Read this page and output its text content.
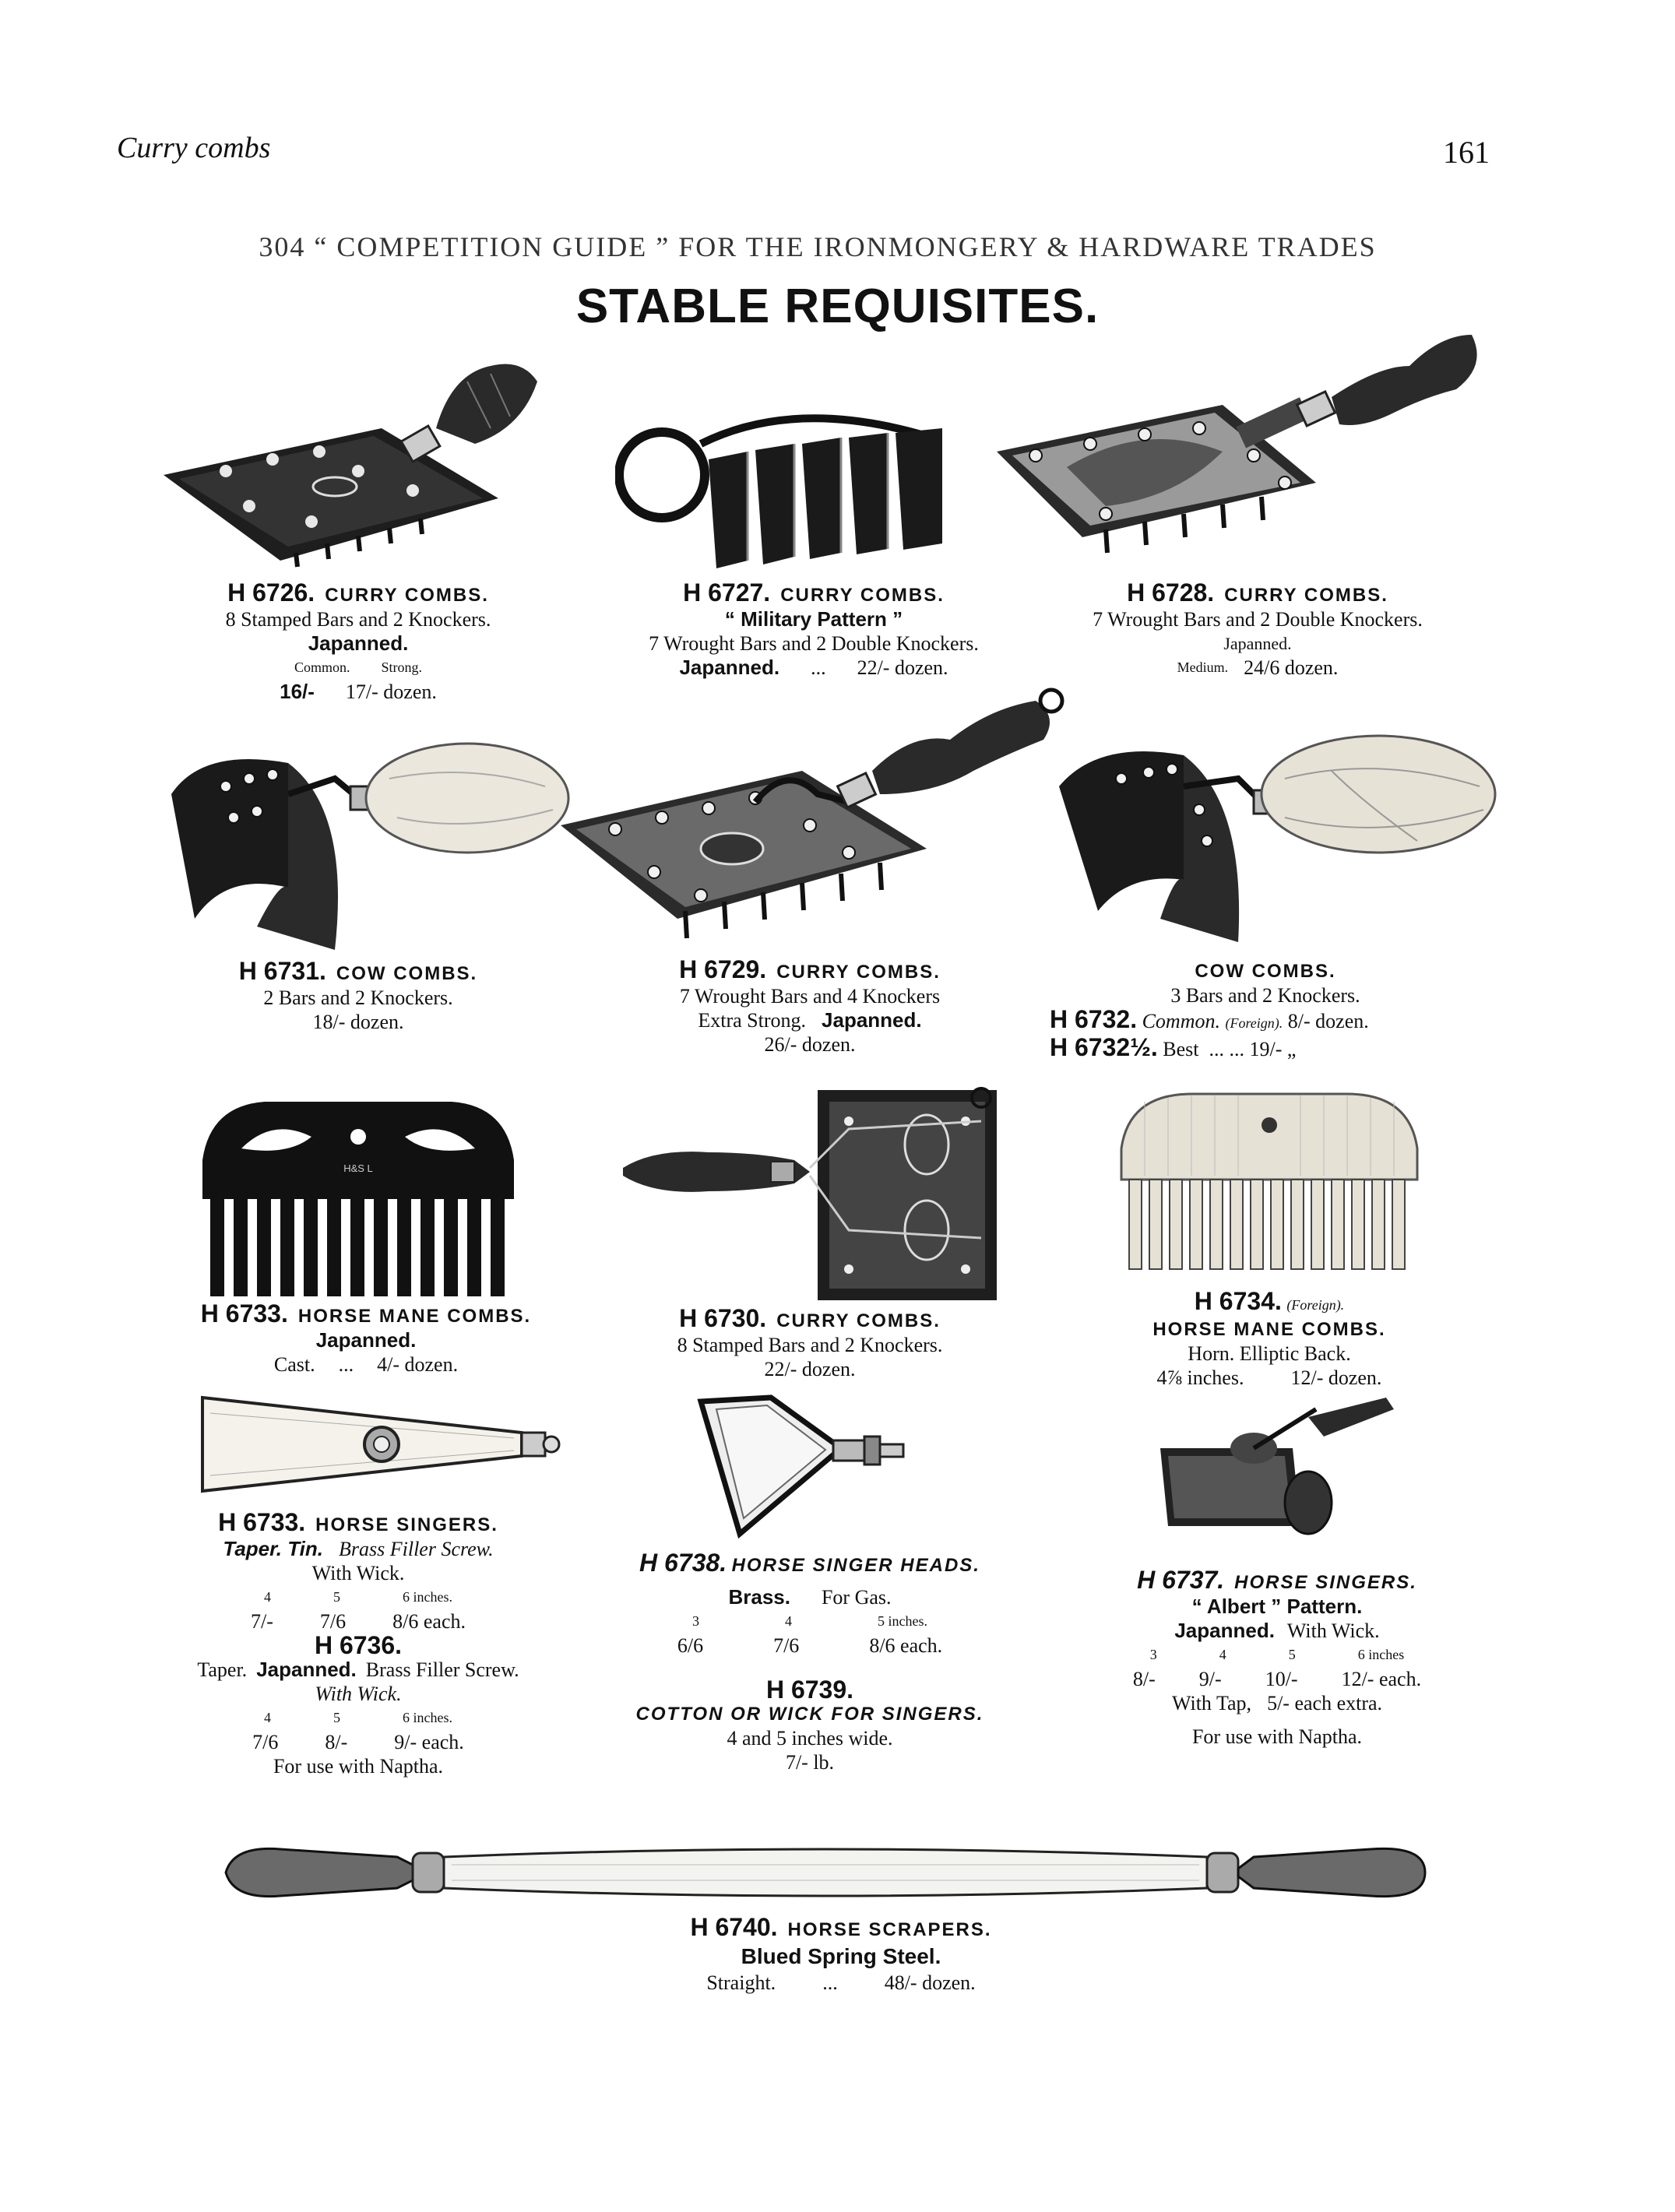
Curry combs	161
304 “ COMPETITION GUIDE ” FOR THE IRONMONGERY & HARDWARE TRADES
STABLE REQUISITES.
H 6726. CURRY COMBS.
8 Stamped Bars and 2 Knockers.
Japanned.
Common. Strong.
16/- 17/- dozen.
H 6727. CURRY COMBS.
“ Military Pattern ”
7 Wrought Bars and 2 Double Knockers.
Japanned. ... 22/- dozen.
H 6728. CURRY COMBS.
7 Wrought Bars and 2 Double Knockers.
Japanned.
Medium. 24/6 dozen.
H 6731. COW COMBS.
2 Bars and 2 Knockers.
18/- dozen.
H 6729. CURRY COMBS.
7 Wrought Bars and 4 Knockers
Extra Strong. Japanned.
26/- dozen.
COW COMBS.
3 Bars and 2 Knockers.
H 6732. Common. (Foreign). 8/- dozen.
H 6732½. Best ... ... 19/- „
H&S L
H 6733. HORSE MANE COMBS.
Japanned.
Cast. ... 4/- dozen.
H 6730. CURRY COMBS.
8 Stamped Bars and 2 Knockers.
22/- dozen.
H 6734. (Foreign).
HORSE MANE COMBS.
Horn. Elliptic Back.
4⅞ inches. 12/- dozen.
H 6733. HORSE SINGERS.
Taper. Tin. Brass Filler Screw.
With Wick.
4	5	6 inches.
7/- 7/6 8/6 each.
H 6736.
Taper. Japanned. Brass Filler Screw.
With Wick.
4	5	6 inches.
7/6 8/- 9/- each.
For use with Naptha.
H 6738. HORSE SINGER HEADS.
Brass. For Gas.
3	4	5 inches.
6/6	7/6	8/6 each.
H 6739.
COTTON OR WICK FOR SINGERS.
4 and 5 inches wide.
7/- lb.
H 6737. HORSE SINGERS.
“ Albert ” Pattern.
Japanned. With Wick.
3	4	5	6 inches
8/- 9/- 10/- 12/- each.
With Tap, 5/- each extra.
For use with Naptha.
H 6740. HORSE SCRAPERS.
Blued Spring Steel.
Straight. ... 48/- dozen.
